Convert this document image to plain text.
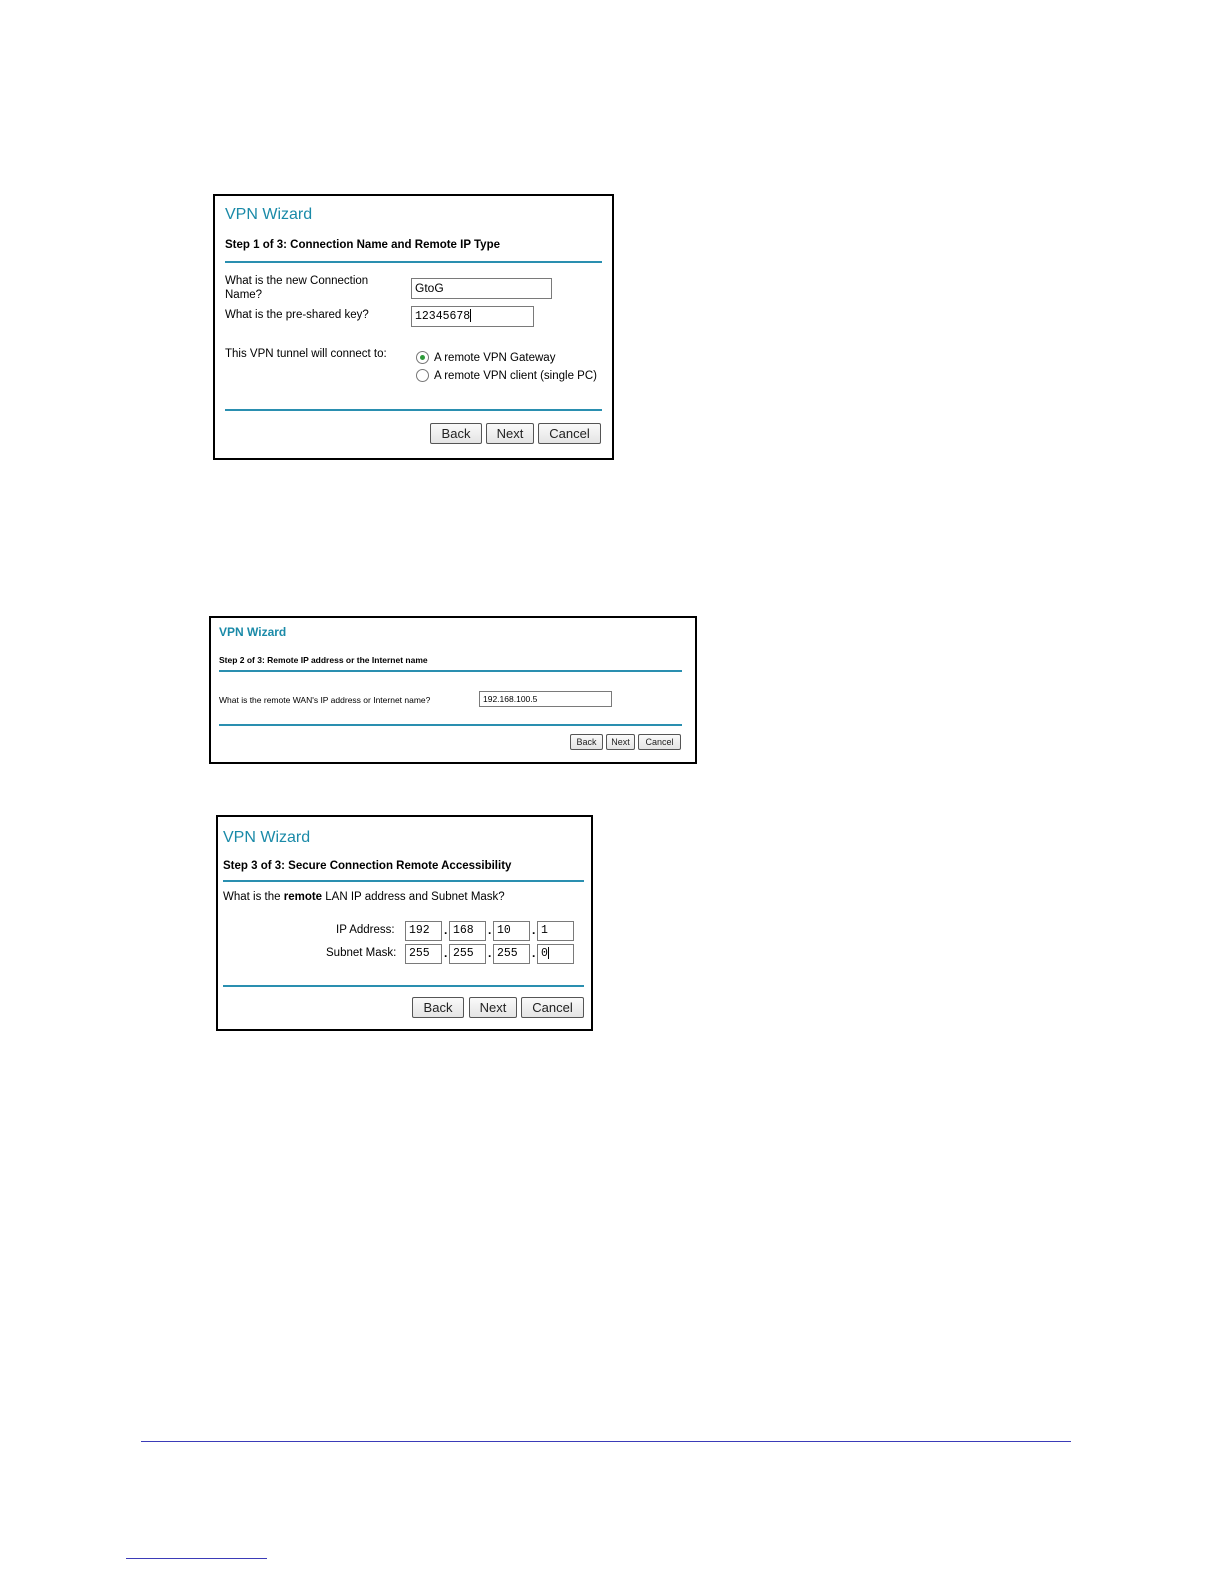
VPN Wizard
Step 1 of 3: Connection Name and Remote IP Type
What is the new Connection
Name?	GtoG
What is the pre-shared key?	12345678
This VPN tunnel will connect to:	A remote VPN Gateway
A remote VPN client (single PC)
Back	Next	Cancel
VPN Wizard
Step 2 of 3: Remote IP address or the Internet name
What is the remote WAN's IP address or Internet name?	192.168.100.5
Back	Next	Cancel
VPN Wizard
Step 3 of 3: Secure Connection Remote Accessibility
What is the remote LAN IP address and Subnet Mask?
IP Address:	192	. 168	. 10	. 1
Subnet Mask:	255	. 255	. 255	. 0
Back	Next	Cancel
